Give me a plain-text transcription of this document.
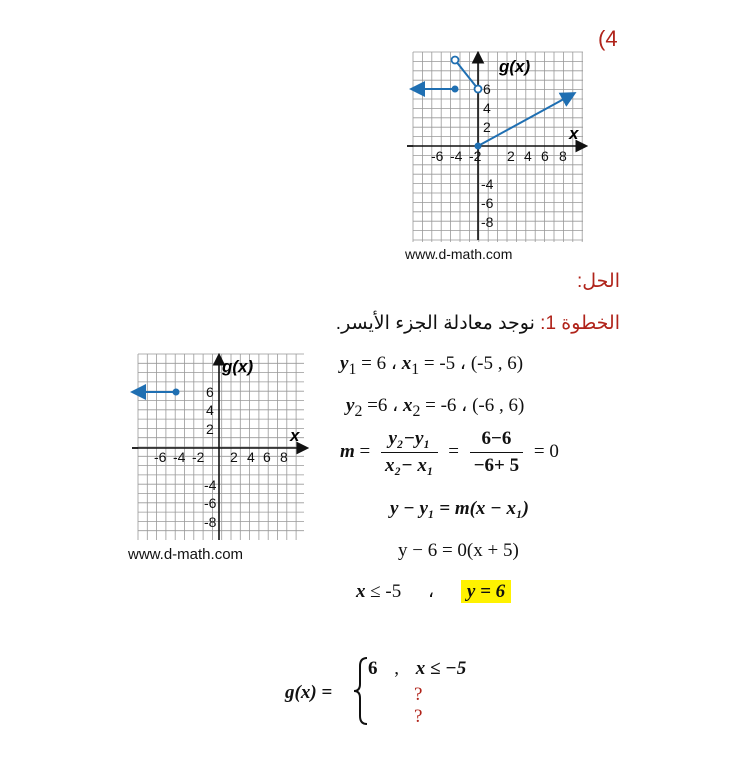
(4
g(x)
x
-6 -4 -2 2 4 6 8
6
4
2
-4
-6
-8
www.d-math.com
الحل:
الخطوة 1: نوجد معادلة الجزء الأيسر.
g(x)
x
-6 -4 -2 2 4 6 8
6
4
2
-4
-6
-8
www.d-math.com
$y_1 = 6$ ، $x_1 = -5$ ، (-5 , 6)
$y_2 =6$ ، $x_2 = -6$ ، (-6 , 6)
$m = \frac{\text{y₂−y₁}}{\text{x₂− x₁}} = \frac{6-6}{-6+ 5} = 0$
y − y₁ = m(x − x₁)
y − 6 = 0(x + 5)
x ≤ -5 ، y = 6
g(x) =
6 , x ≤ −5
?
?
